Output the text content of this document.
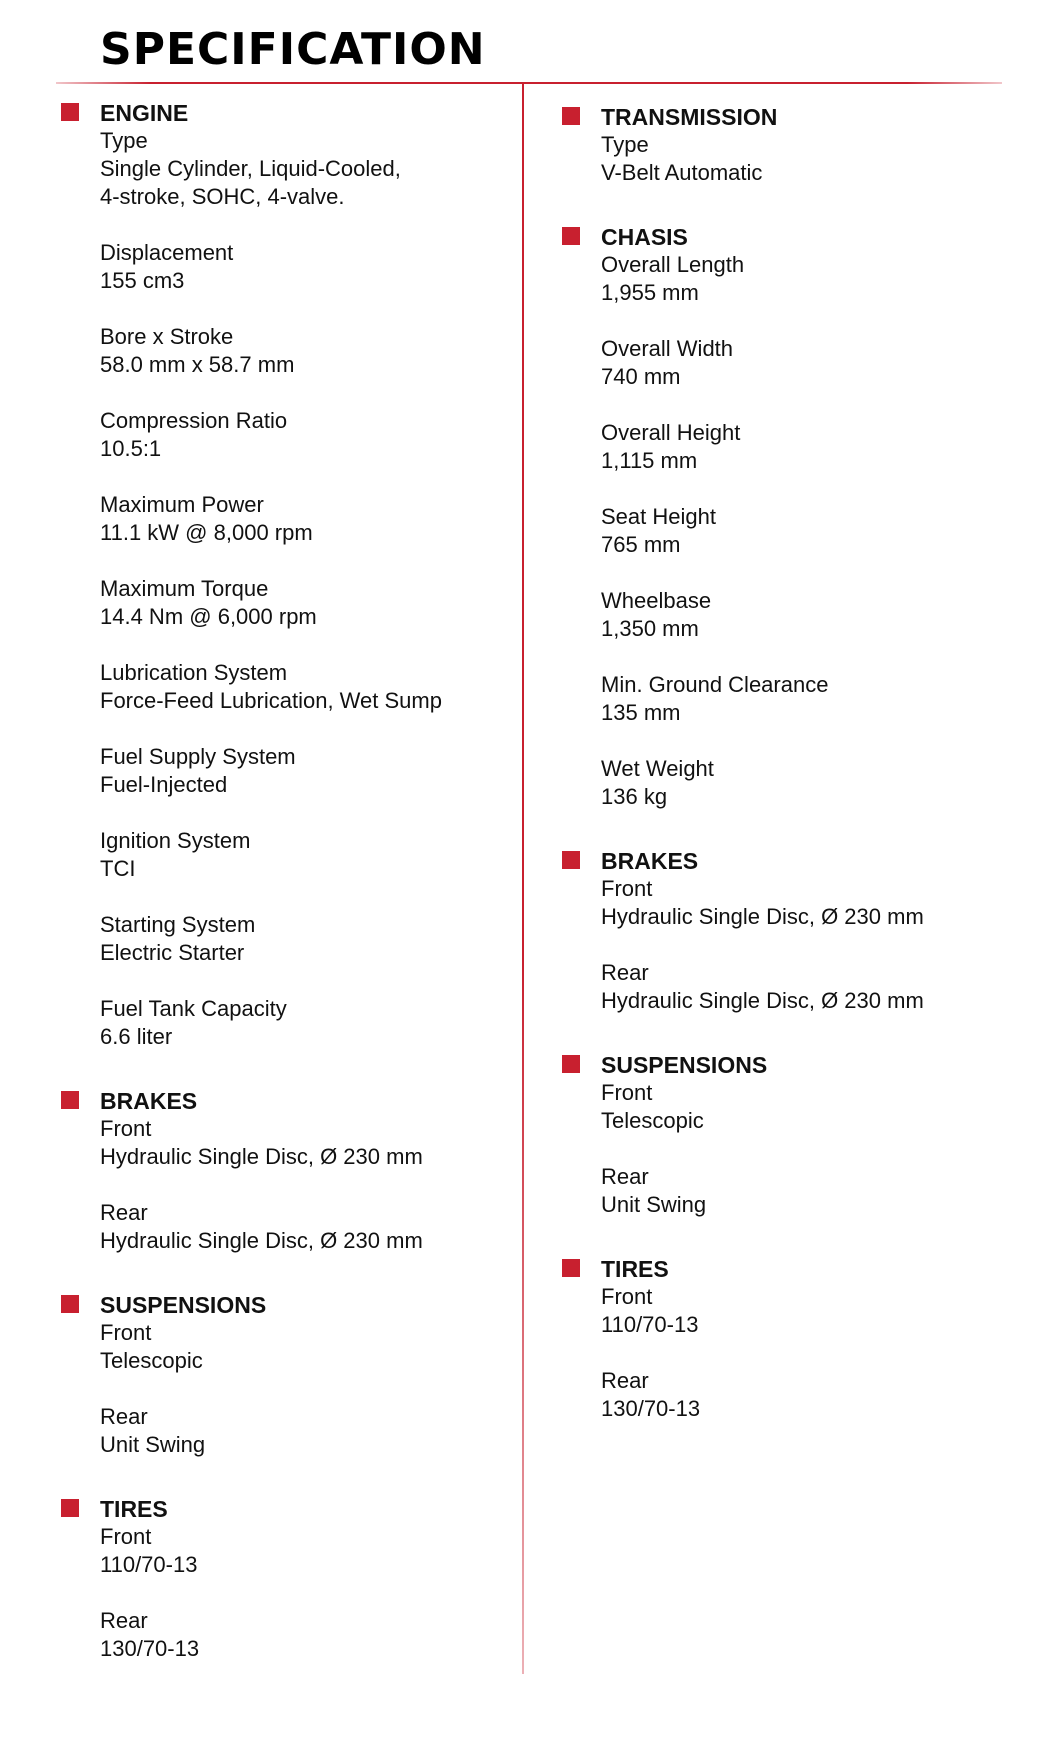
SPECIFICATION
ENGINE
Type
Single Cylinder, Liquid-Cooled,
4-stroke, SOHC, 4-valve.
Displacement
155 cm3
Bore x Stroke
58.0 mm x 58.7 mm
Compression Ratio
10.5:1
Maximum Power
11.1 kW @ 8,000 rpm
Maximum Torque
14.4 Nm @ 6,000 rpm
Lubrication System
Force-Feed Lubrication, Wet Sump
Fuel Supply System
Fuel-Injected
Ignition System
TCI
Starting System
Electric Starter
Fuel Tank Capacity
6.6 liter
BRAKES
Front
Hydraulic Single Disc, Ø 230 mm
Rear
Hydraulic Single Disc, Ø 230 mm
SUSPENSIONS
Front
Telescopic
Rear
Unit Swing
TIRES
Front
110/70-13
Rear
130/70-13
TRANSMISSION
Type
V-Belt Automatic
CHASIS
Overall Length
1,955 mm
Overall Width
740 mm
Overall Height
1,115 mm
Seat Height
765 mm
Wheelbase
1,350 mm
Min. Ground Clearance
135 mm
Wet Weight
136 kg
BRAKES
Front
Hydraulic Single Disc, Ø 230 mm
Rear
Hydraulic Single Disc, Ø 230 mm
SUSPENSIONS
Front
Telescopic
Rear
Unit Swing
TIRES
Front
110/70-13
Rear
130/70-13
